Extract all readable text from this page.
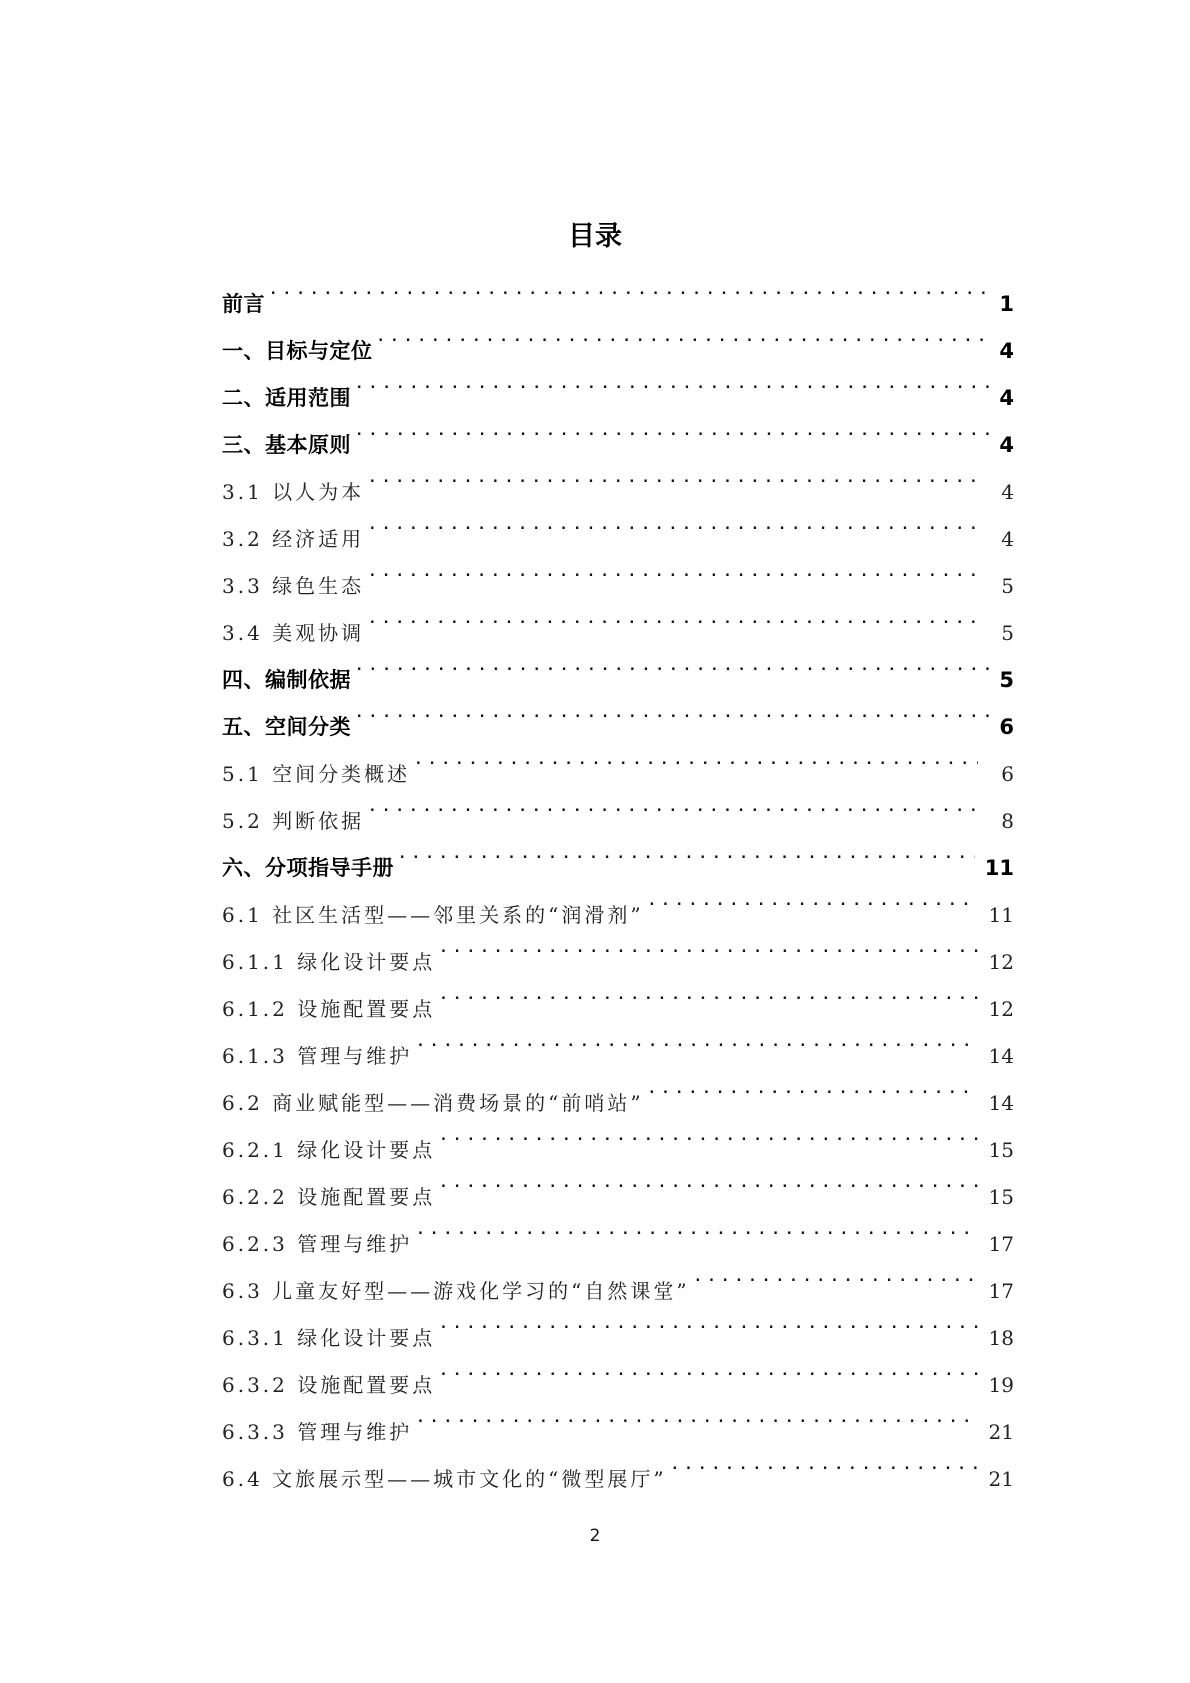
目录
前言 . . .	1
一、目标与定位 . . .	4
二、适用范围 . . .	4
三、基本原则 . . .	4
3.1 以人为本 . . .	4
3.2 经济适用 . . .	4
3.3 绿色生态 . . .	5
3.4 美观协调 . . .	5
四、编制依据 . . .	5
五、空间分类 . . .	6
5.1 空间分类概述 . . .	6
5.2 判断依据 . . .	8
六、分项指导手册 . . .	11
6.1 社区生活型——邻里关系的“润滑剂” . . .	11
6.1.1 绿化设计要点 . . .	12
6.1.2 设施配置要点 . . .	12
6.1.3 管理与维护 . . .	14
6.2 商业赋能型——消费场景的“前哨站” . . .	14
6.2.1 绿化设计要点 . . .	15
6.2.2 设施配置要点 . . .	15
6.2.3 管理与维护 . . .	17
6.3 儿童友好型——游戏化学习的“自然课堂” . . .	17
6.3.1 绿化设计要点 . . .	18
6.3.2 设施配置要点 . . .	19
6.3.3 管理与维护 . . .	21
6.4 文旅展示型——城市文化的“微型展厅” . . .	21
2
